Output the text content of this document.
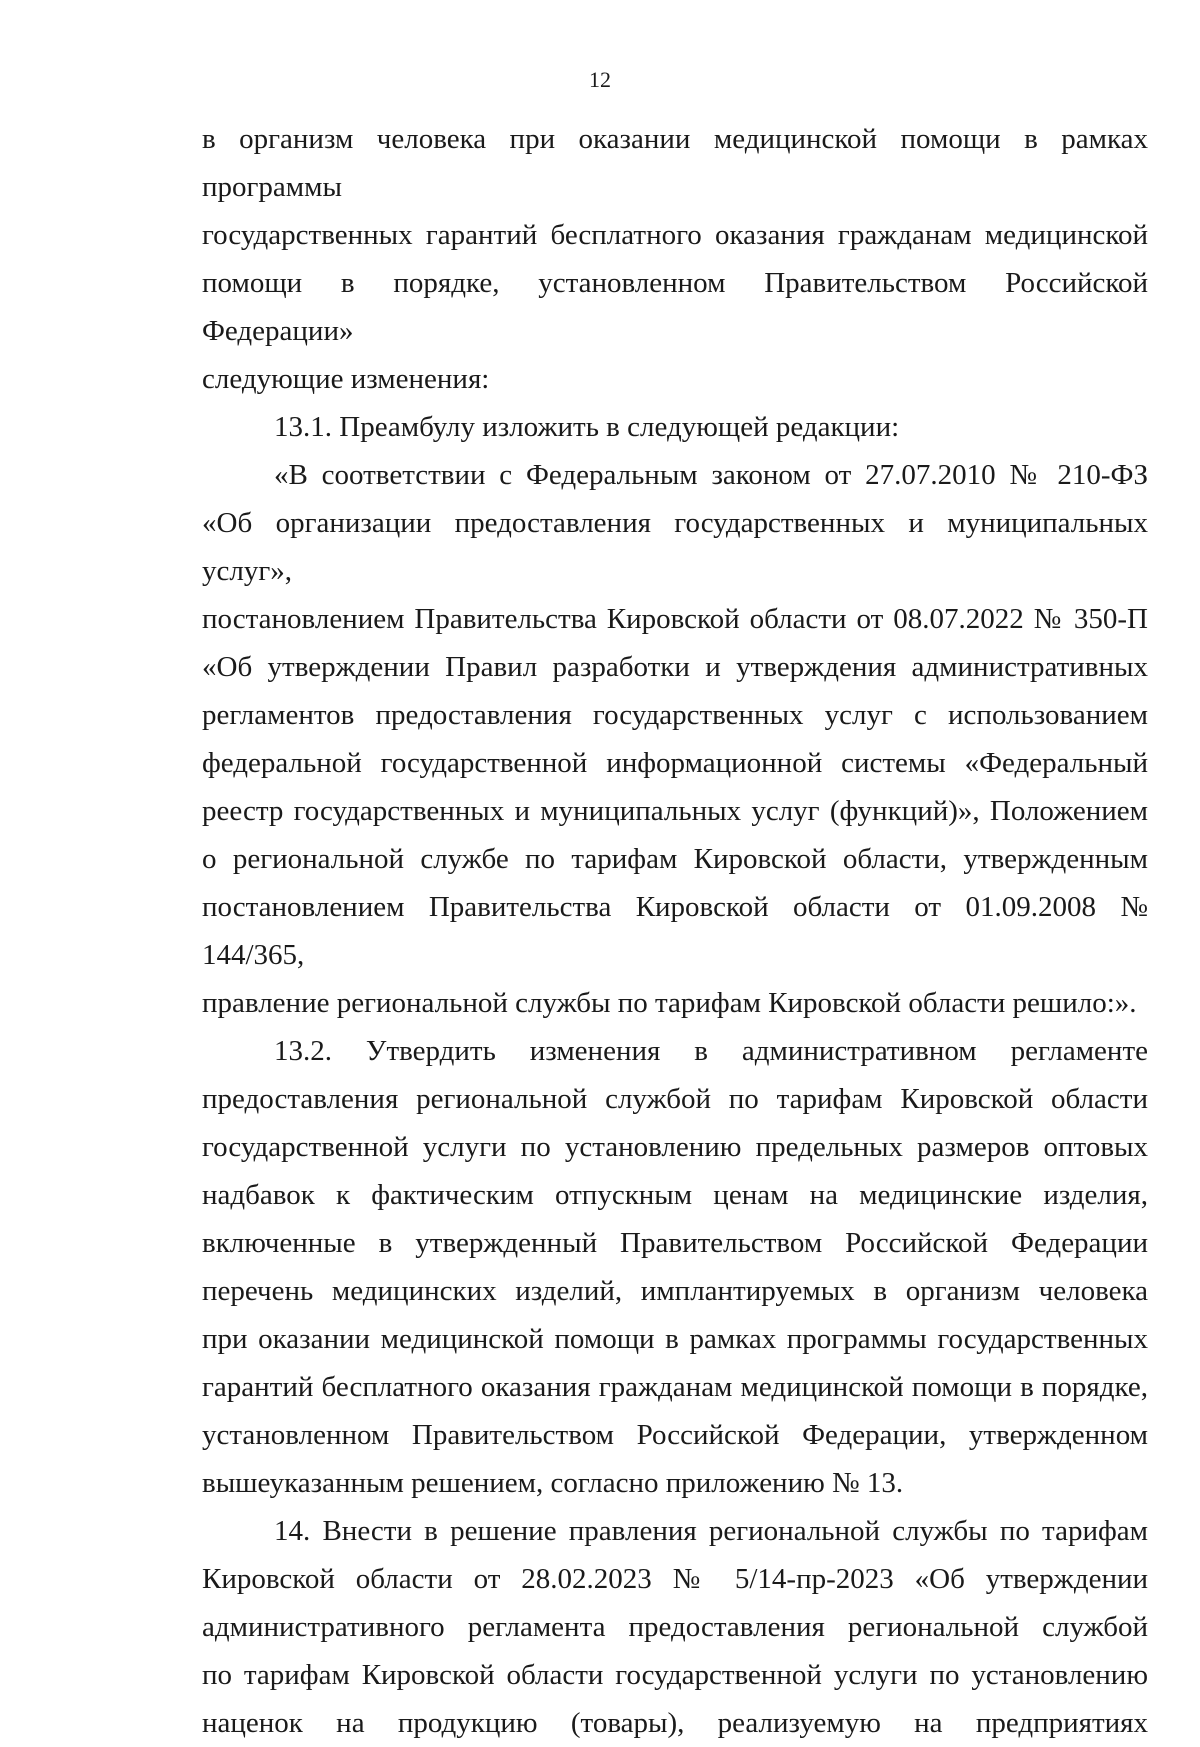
12
в организм человека при оказании медицинской помощи в рамках программы
государственных гарантий бесплатного оказания гражданам медицинской
помощи в порядке, установленном Правительством Российской Федерации»
следующие изменения:
13.1. Преамбулу изложить в следующей редакции:
«В соответствии с Федеральным законом от 27.07.2010 № 210-ФЗ
«Об организации предоставления государственных и муниципальных услуг»,
постановлением Правительства Кировской области от 08.07.2022 № 350-П
«Об утверждении Правил разработки и утверждения административных
регламентов предоставления государственных услуг с использованием
федеральной государственной информационной системы «Федеральный
реестр государственных и муниципальных услуг (функций)», Положением
о региональной службе по тарифам Кировской области, утвержденным
постановлением Правительства Кировской области от 01.09.2008 № 144/365,
правление региональной службы по тарифам Кировской области решило:».
13.2. Утвердить изменения в административном регламенте
предоставления региональной службой по тарифам Кировской области
государственной услуги по установлению предельных размеров оптовых
надбавок к фактическим отпускным ценам на медицинские изделия,
включенные в утвержденный Правительством Российской Федерации
перечень медицинских изделий, имплантируемых в организм человека
при оказании медицинской помощи в рамках программы государственных
гарантий бесплатного оказания гражданам медицинской помощи в порядке,
установленном Правительством Российской Федерации, утвержденном
вышеуказанным решением, согласно приложению № 13.
14. Внести в решение правления региональной службы по тарифам
Кировской области от 28.02.2023 № 5/14-пр-2023 «Об утверждении
административного регламента предоставления региональной службой
по тарифам Кировской области государственной услуги по установлению
наценок на продукцию (товары), реализуемую на предприятиях
